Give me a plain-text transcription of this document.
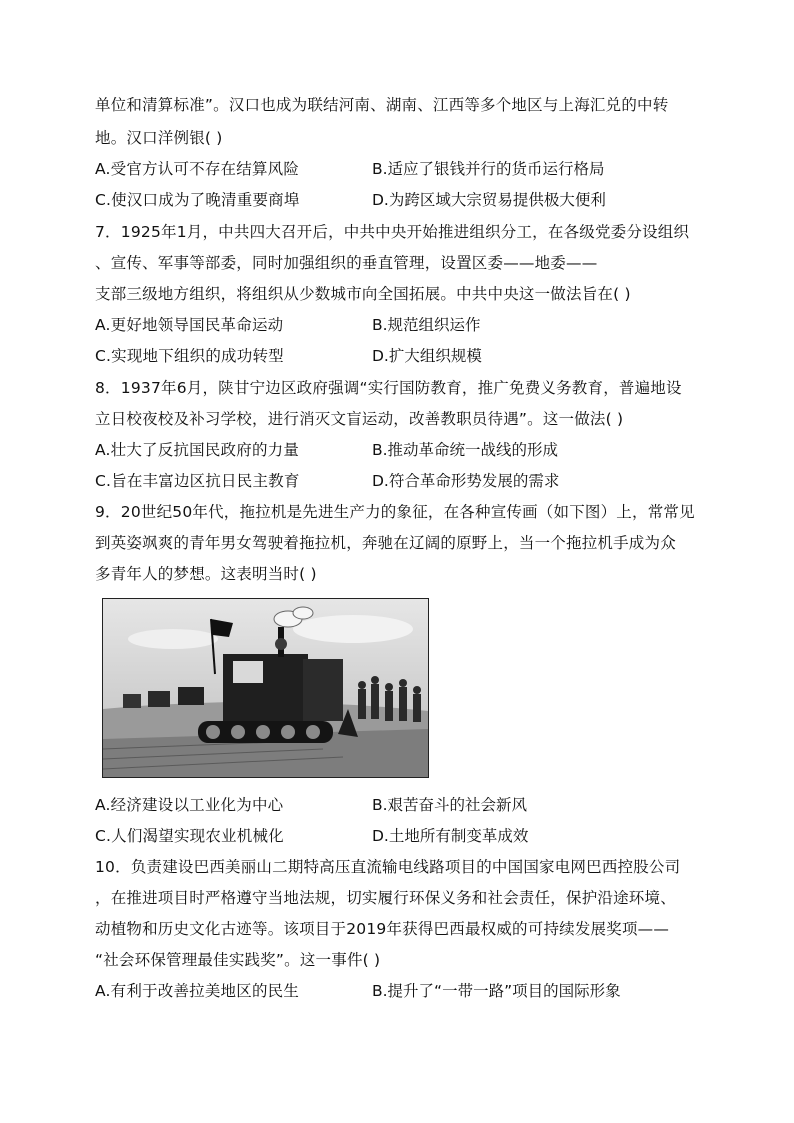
单位和清算标准”。汉口也成为联结河南、湖南、江西等多个地区与上海汇兑的中转
地。汉口洋例银( )
A.受官方认可不存在结算风险	B.适应了银钱并行的货币运行格局
C.使汉口成为了晚清重要商埠	D.为跨区域大宗贸易提供极大便利
7．1925年1月，中共四大召开后，中共中央开始推进组织分工，在各级党委分设组织
、宣传、军事等部委，同时加强组织的垂直管理，设置区委——地委——
支部三级地方组织，将组织从少数城市向全国拓展。中共中央这一做法旨在( )
A.更好地领导国民革命运动	B.规范组织运作
C.实现地下组织的成功转型	D.扩大组织规模
8．1937年6月，陕甘宁边区政府强调“实行国防教育，推广免费义务教育，普遍地设
立日校夜校及补习学校，进行消灭文盲运动，改善教职员待遇”。这一做法( )
A.壮大了反抗国民政府的力量	B.推动革命统一战线的形成
C.旨在丰富边区抗日民主教育	D.符合革命形势发展的需求
9．20世纪50年代，拖拉机是先进生产力的象征，在各种宣传画（如下图）上，常常见
到英姿飒爽的青年男女驾驶着拖拉机，奔驰在辽阔的原野上，当一个拖拉机手成为众
多青年人的梦想。这表明当时( )
A.经济建设以工业化为中心	B.艰苦奋斗的社会新风
C.人们渴望实现农业机械化	D.土地所有制变革成效
10．负责建设巴西美丽山二期特高压直流输电线路项目的中国国家电网巴西控股公司
，在推进项目时严格遵守当地法规，切实履行环保义务和社会责任，保护沿途环境、
动植物和历史文化古迹等。该项目于2019年获得巴西最权威的可持续发展奖项——
“社会环保管理最佳实践奖”。这一事件( )
A.有利于改善拉美地区的民生	B.提升了“一带一路”项目的国际形象
